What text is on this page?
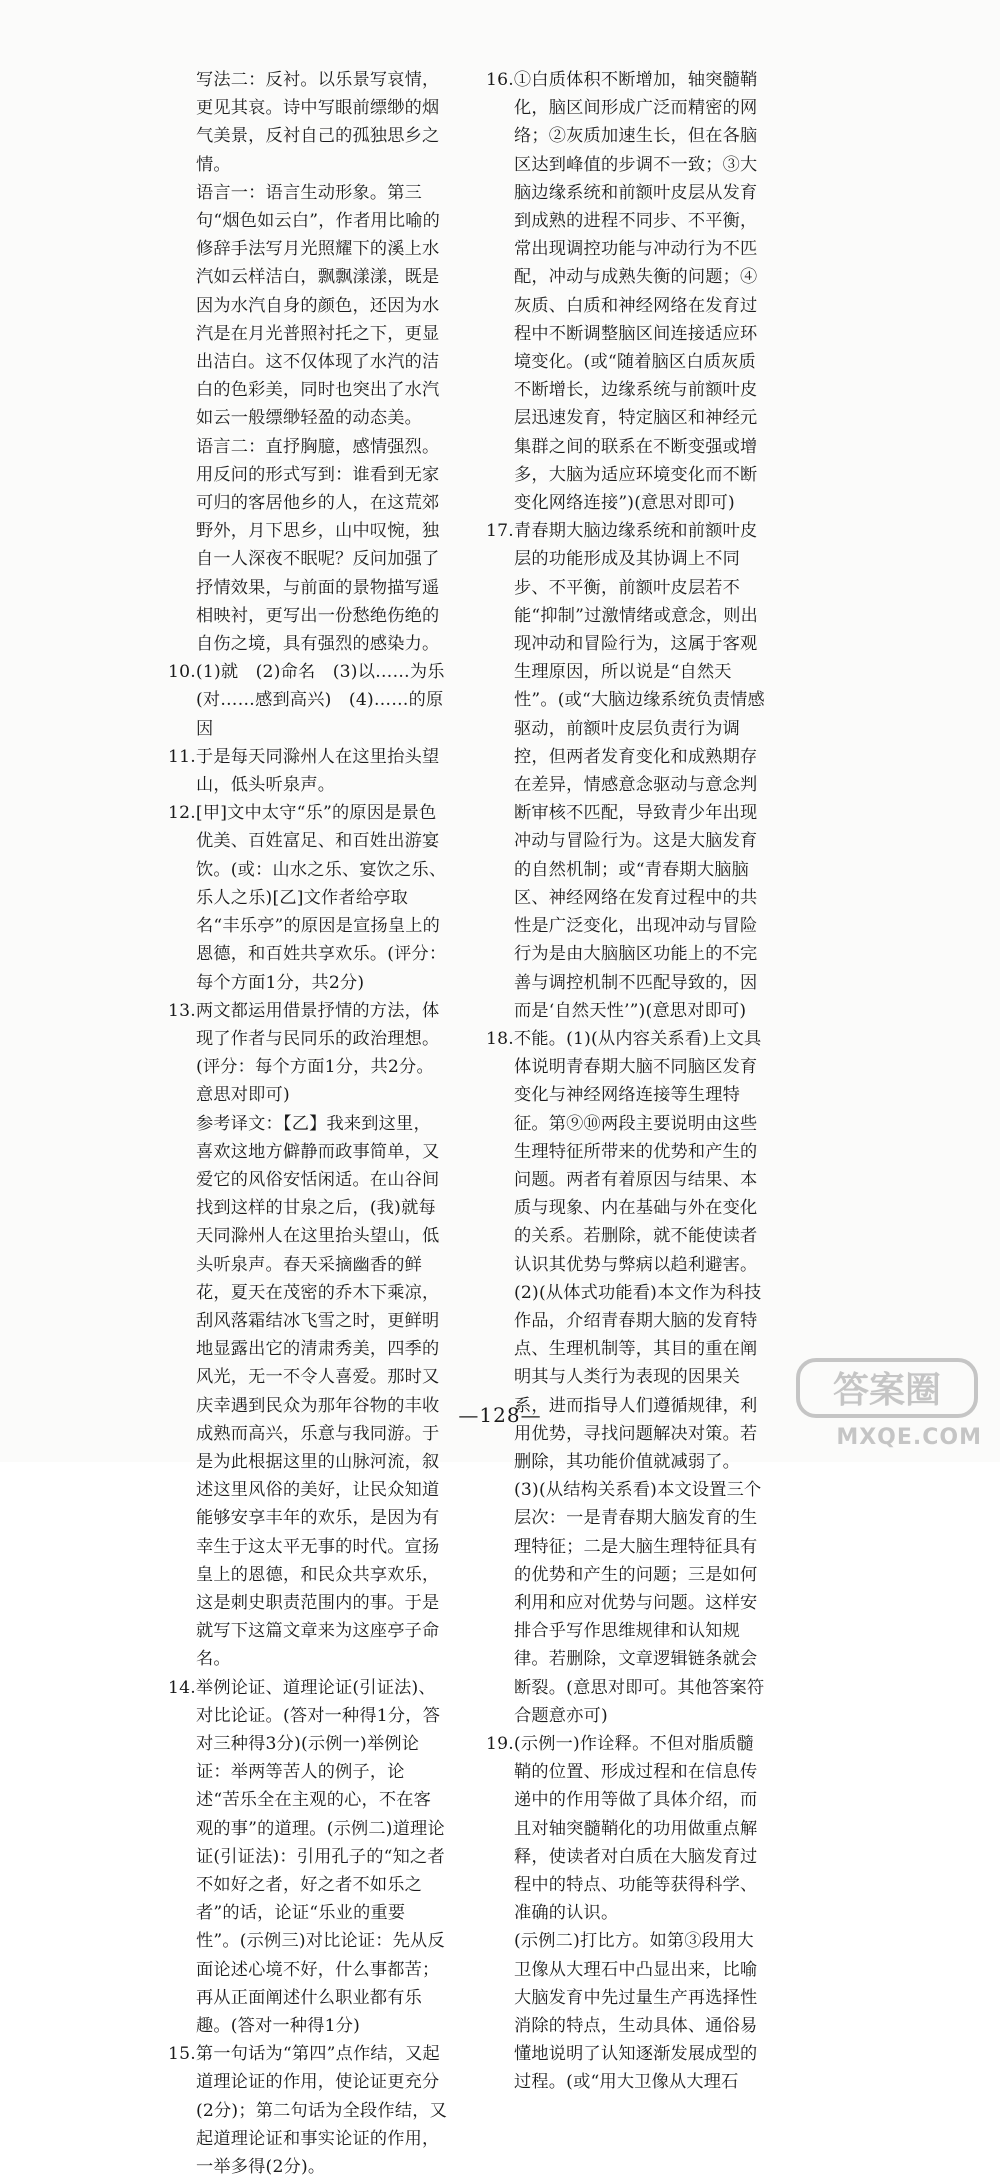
写法二：反衬。以乐景写哀情，更见其哀。诗中写眼前缥缈的烟气美景，反衬自己的孤独思乡之情。

语言一：语言生动形象。第三句“烟色如云白”，作者用比喻的修辞手法写月光照耀下的溪上水汽如云样洁白，飘飘漾漾，既是因为水汽自身的颜色，还因为水汽是在月光普照衬托之下，更显出洁白。这不仅体现了水汽的洁白的色彩美，同时也突出了水汽如云一般缥缈轻盈的动态美。

语言二：直抒胸臆，感情强烈。用反问的形式写到：谁看到无家可归的客居他乡的人，在这荒郊野外，月下思乡，山中叹惋，独自一人深夜不眠呢？反问加强了抒情效果，与前面的景物描写遥相映衬，更写出一份愁绝伤绝的自伤之境，具有强烈的感染力。

10.(1)就　(2)命名　(3)以……为乐(对……感到高兴)　(4)……的原因

11.于是每天同滁州人在这里抬头望山，低头听泉声。

12.[甲]文中太守“乐”的原因是景色优美、百姓富足、和百姓出游宴饮。(或：山水之乐、宴饮之乐、乐人之乐)[乙]文作者给亭取名“丰乐亭”的原因是宣扬皇上的恩德，和百姓共享欢乐。(评分：每个方面1分，共2分)

13.两文都运用借景抒情的方法，体现了作者与民同乐的政治理想。(评分：每个方面1分，共2分。意思对即可)

参考译文：【乙】我来到这里，喜欢这地方僻静而政事简单，又爱它的风俗安恬闲适。在山谷间找到这样的甘泉之后，(我)就每天同滁州人在这里抬头望山，低头听泉声。春天采摘幽香的鲜花，夏天在茂密的乔木下乘凉，刮风落霜结冰飞雪之时，更鲜明地显露出它的清肃秀美，四季的风光，无一不令人喜爱。那时又庆幸遇到民众为那年谷物的丰收成熟而高兴，乐意与我同游。于是为此根据这里的山脉河流，叙述这里风俗的美好，让民众知道能够安享丰年的欢乐，是因为有幸生于这太平无事的时代。宣扬皇上的恩德，和民众共享欢乐，这是刺史职责范围内的事。于是就写下这篇文章来为这座亭子命名。

14.举例论证、道理论证(引证法)、对比论证。(答对一种得1分，答对三种得3分)(示例一)举例论证：举两等苦人的例子，论述“苦乐全在主观的心，不在客观的事”的道理。(示例二)道理论证(引证法)：引用孔子的“知之者不如好之者，好之者不如乐之者”的话，论证“乐业的重要性”。(示例三)对比论证：先从反面论述心境不好，什么事都苦；再从正面阐述什么职业都有乐趣。(答对一种得1分)

15.第一句话为“第四”点作结，又起道理论证的作用，使论证更充分(2分)；第二句话为全段作结，又起道理论证和事实论证的作用，一举多得(2分)。

16.①白质体积不断增加，轴突髓鞘化，脑区间形成广泛而精密的网络；②灰质加速生长，但在各脑区达到峰值的步调不一致；③大脑边缘系统和前额叶皮层从发育到成熟的进程不同步、不平衡，常出现调控功能与冲动行为不匹配，冲动与成熟失衡的问题；④灰质、白质和神经网络在发育过程中不断调整脑区间连接适应环境变化。(或“随着脑区白质灰质不断增长，边缘系统与前额叶皮层迅速发育，特定脑区和神经元集群之间的联系在不断变强或增多，大脑为适应环境变化而不断变化网络连接”)(意思对即可)

17.青春期大脑边缘系统和前额叶皮层的功能形成及其协调上不同步、不平衡，前额叶皮层若不能“抑制”过激情绪或意念，则出现冲动和冒险行为，这属于客观生理原因，所以说是“自然天性”。(或“大脑边缘系统负责情感驱动，前额叶皮层负责行为调控，但两者发育变化和成熟期存在差异，情感意念驱动与意念判断审核不匹配，导致青少年出现冲动与冒险行为。这是大脑发育的自然机制；或“青春期大脑脑区、神经网络在发育过程中的共性是广泛变化，出现冲动与冒险行为是由大脑脑区功能上的不完善与调控机制不匹配导致的，因而是‘自然天性’”)(意思对即可)

18.不能。(1)(从内容关系看)上文具体说明青春期大脑不同脑区发育变化与神经网络连接等生理特征。第⑨⑩两段主要说明由这些生理特征所带来的优势和产生的问题。两者有着原因与结果、本质与现象、内在基础与外在变化的关系。若删除，就不能使读者认识其优势与弊病以趋利避害。

(2)(从体式功能看)本文作为科技作品，介绍青春期大脑的发育特点、生理机制等，其目的重在阐明其与人类行为表现的因果关系，进而指导人们遵循规律，利用优势，寻找问题解决对策。若删除，其功能价值就减弱了。

(3)(从结构关系看)本文设置三个层次：一是青春期大脑发育的生理特征；二是大脑生理特征具有的优势和产生的问题；三是如何利用和应对优势与问题。这样安排合乎写作思维规律和认知规律。若删除，文章逻辑链条就会断裂。(意思对即可。其他答案符合题意亦可)

19.(示例一)作诠释。不但对脂质髓鞘的位置、形成过程和在信息传递中的作用等做了具体介绍，而且对轴突髓鞘化的功用做重点解释，使读者对白质在大脑发育过程中的特点、功能等获得科学、准确的认识。

(示例二)打比方。如第③段用大卫像从大理石中凸显出来，比喻大脑发育中先过量生产再选择性消除的特点，生动具体、通俗易懂地说明了认知逐渐发展成型的过程。(或“用大卫像从大理石

—128—
答案圈
MXQE.COM
